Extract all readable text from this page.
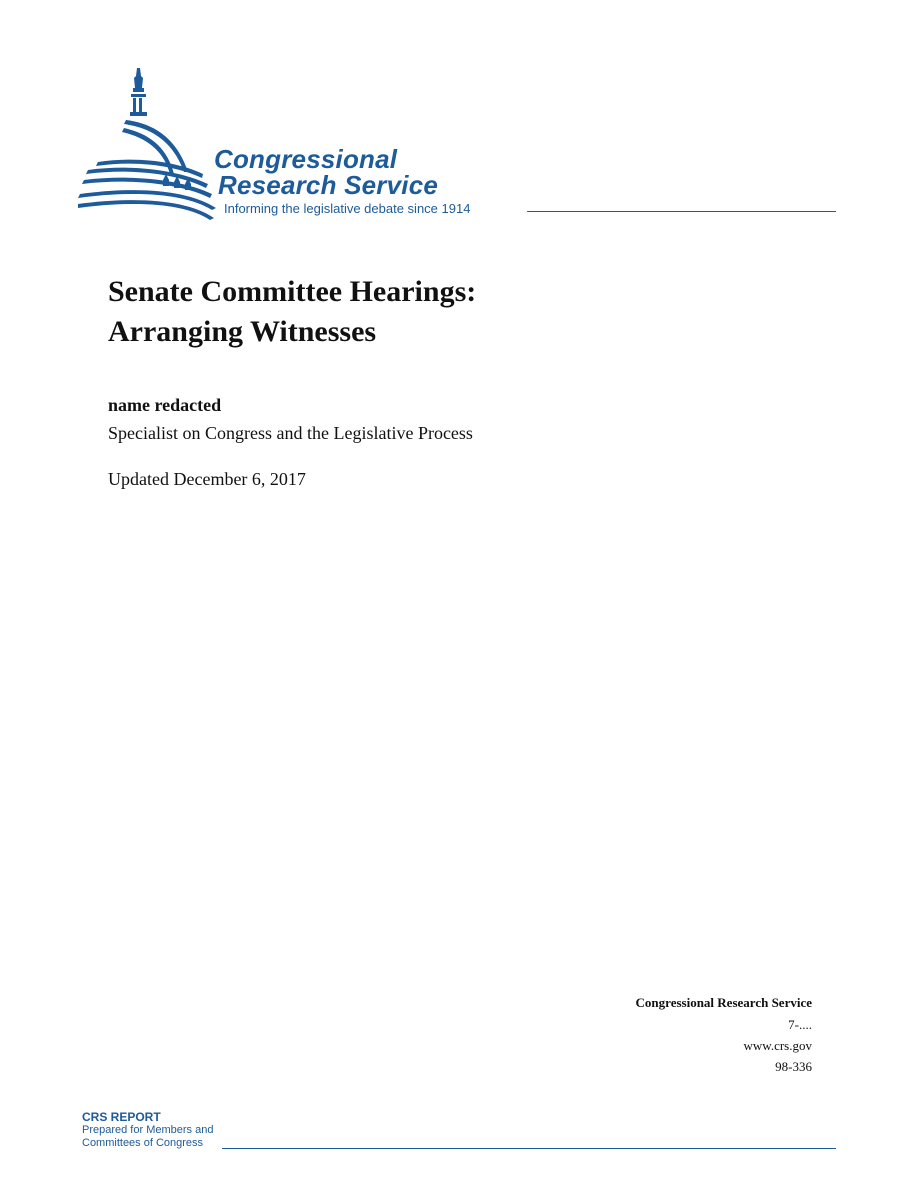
Congressional
Research Service
Informing the legislative debate since 1914
Senate Committee Hearings:
Arranging Witnesses
name redacted
Specialist on Congress and the Legislative Process
Updated December 6, 2017
Congressional Research Service
7-....
www.crs.gov
98-336
CRS REPORT
Prepared for Members and
Committees of Congress
